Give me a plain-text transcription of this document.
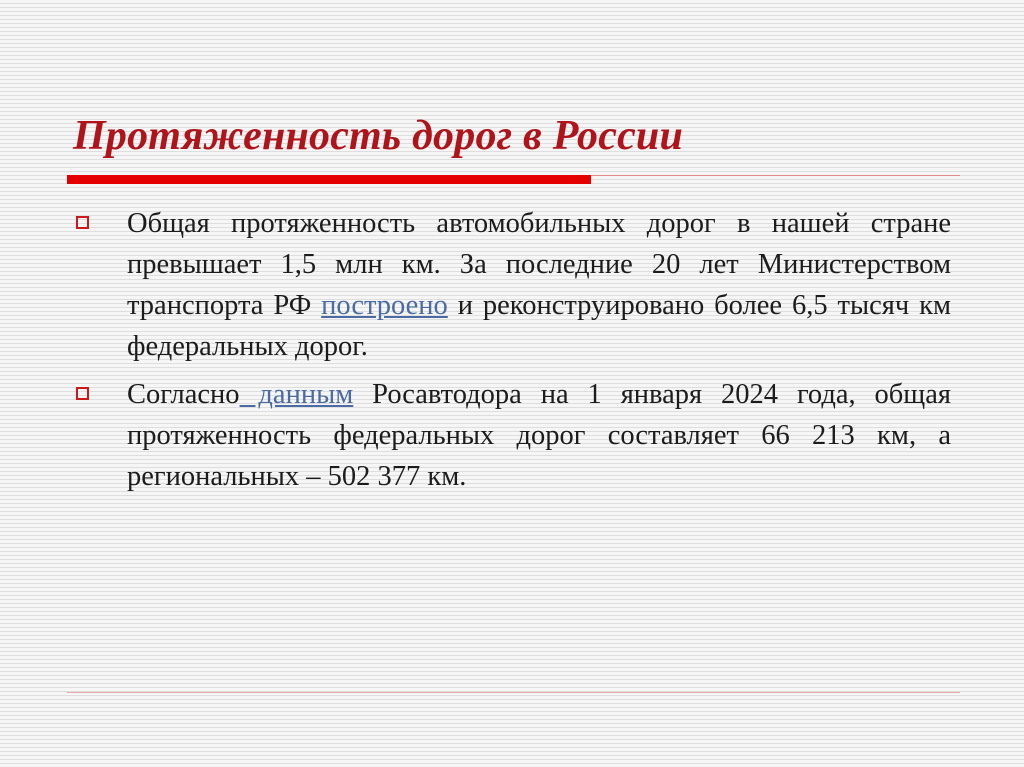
Протяженность дорог в России

Общая протяженность автомобильных дорог в нашей стране превышает 1,5 млн км. За последние 20 лет Министерством транспорта РФ построено и реконструировано более 6,5 тысяч км федеральных дорог.

Согласно данным Росавтодора на 1 января 2024 года, общая протяженность федеральных дорог составляет 66 213 км, а региональных – 502 377 км.
